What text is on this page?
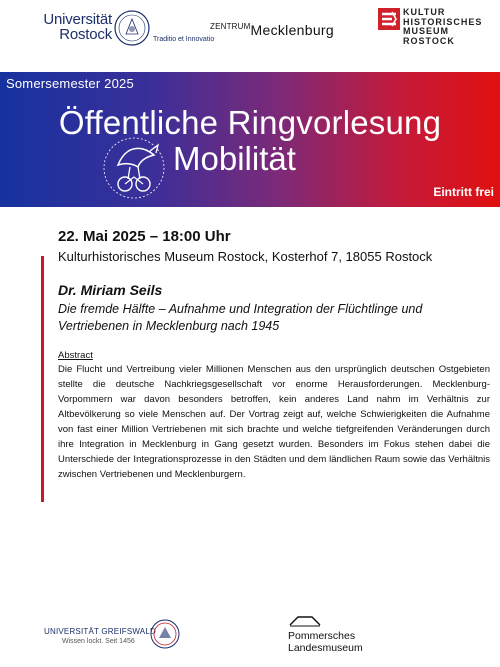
Universität
Rostock	Traditio et Innovatio
$^{ZENTRUM}$Mecklenburg
KULTUR
HISTORISCHES
MUSEUM
ROSTOCK
Somersemester 2025
Öffentliche Ringvorlesung
Mobilität
Eintritt frei

22. Mai 2025 – 18:00 Uhr

Kulturhistorisches Museum Rostock, Kosterhof 7, 18055 Rostock

Dr. Miriam Seils

Die fremde Hälfte – Aufnahme und Integration der Flüchtlinge und Vertriebenen in Mecklenburg nach 1945

Abstract

Die Flucht und Vertreibung vieler Millionen Menschen aus den ursprünglich deutschen Ostgebieten stellte die deutsche Nachkriegsgesellschaft vor enorme Herausforderungen. Mecklenburg-Vorpommern war davon besonders betroffen, kein anderes Land nahm im Verhältnis zur Altbevölkerung so viele Menschen auf. Der Vortrag zeigt auf, welche Schwierigkeiten die Aufnahme von fast einer Million Vertriebenen mit sich brachte und welche tiefgreifenden Veränderungen durch ihre Integration in Mecklenburg in Gang gesetzt wurden. Besonders im Fokus stehen dabei die Unterschiede der Integrationsprozesse in den Städten und dem ländlichen Raum sowie das Verhältnis zwischen Vertriebenen und Mecklenburgern.

UNIVERSITÄT GREIFSWALD
Wissen lockt. Seit 1456	Pommersches
Landesmuseum
